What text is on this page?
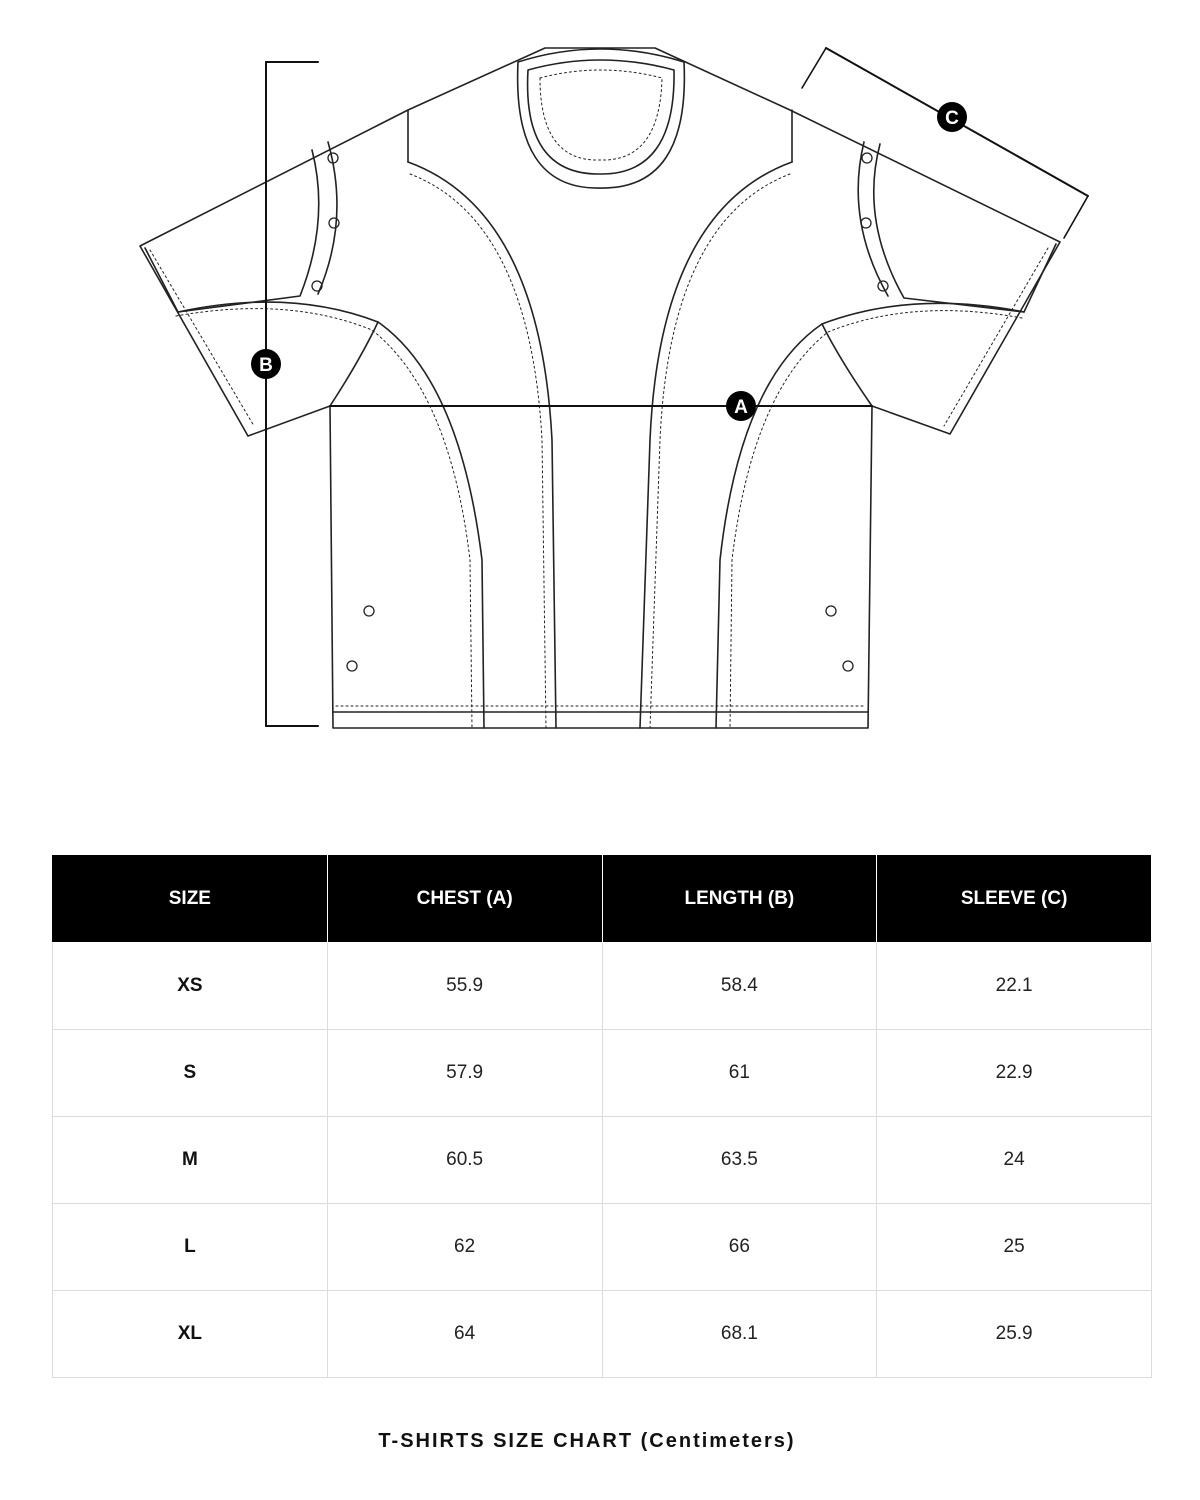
A
B
C
SIZE	CHEST (A)	LENGTH (B)	SLEEVE (C)
XS	55.9	58.4	22.1
S	57.9	61	22.9
M	60.5	63.5	24
L	62	66	25
XL	64	68.1	25.9
T-SHIRTS SIZE CHART (Centimeters)
